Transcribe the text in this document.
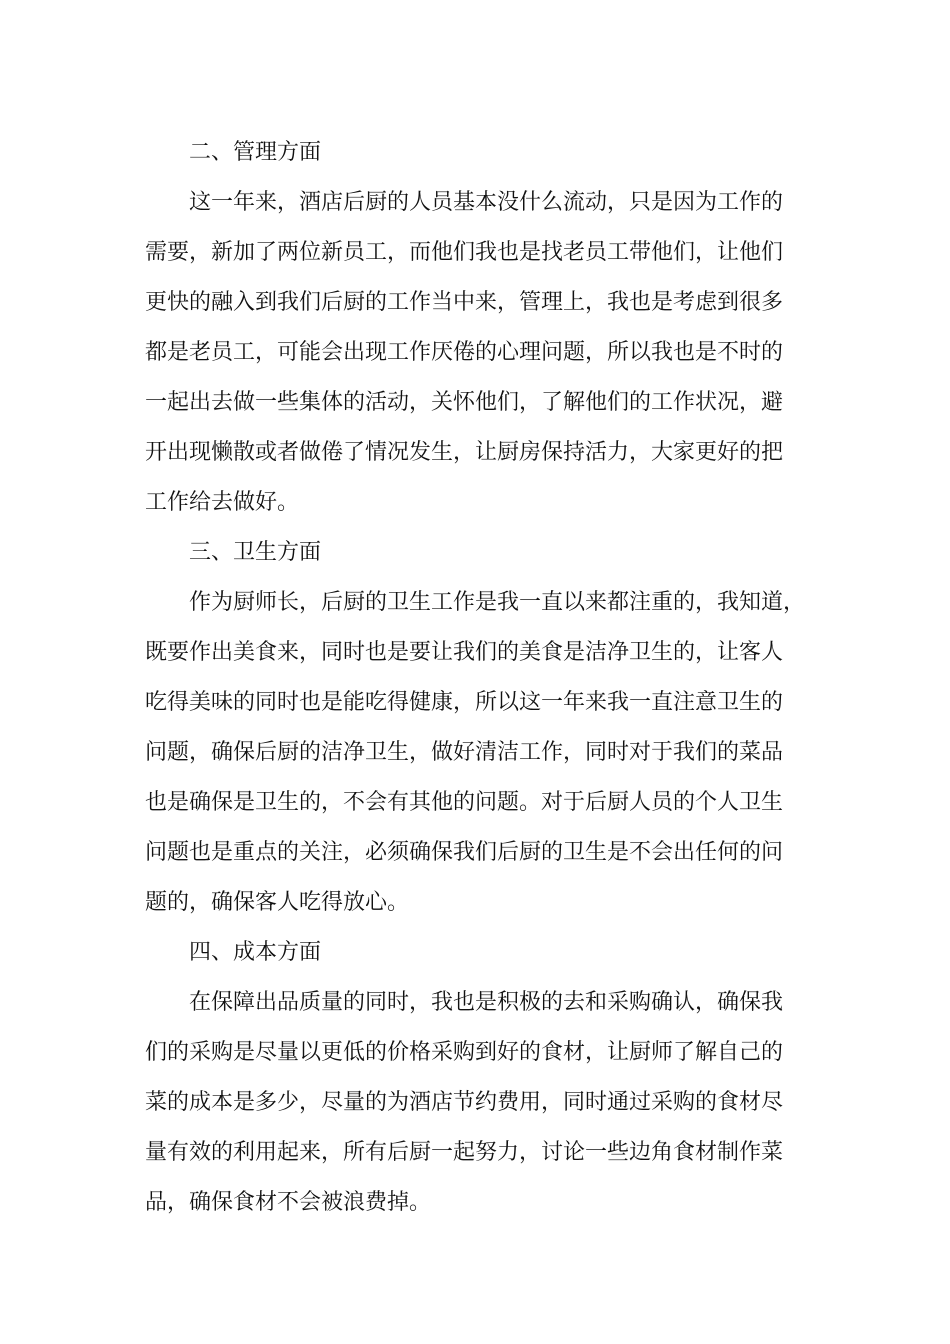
二、管理方面
这一年来，酒店后厨的人员基本没什么流动，只是因为工作的
需要，新加了两位新员工，而他们我也是找老员工带他们，让他们
更快的融入到我们后厨的工作当中来，管理上，我也是考虑到很多
都是老员工，可能会出现工作厌倦的心理问题，所以我也是不时的
一起出去做一些集体的活动，关怀他们，了解他们的工作状况，避
开出现懒散或者做倦了情况发生，让厨房保持活力，大家更好的把
工作给去做好。
三、卫生方面
作为厨师长，后厨的卫生工作是我一直以来都注重的，我知道，
既要作出美食来，同时也是要让我们的美食是洁净卫生的，让客人
吃得美味的同时也是能吃得健康，所以这一年来我一直注意卫生的
问题，确保后厨的洁净卫生，做好清洁工作，同时对于我们的菜品
也是确保是卫生的，不会有其他的问题。对于后厨人员的个人卫生
问题也是重点的关注，必须确保我们后厨的卫生是不会出任何的问
题的，确保客人吃得放心。
四、成本方面
在保障出品质量的同时，我也是积极的去和采购确认，确保我
们的采购是尽量以更低的价格采购到好的食材，让厨师了解自己的
菜的成本是多少，尽量的为酒店节约费用，同时通过采购的食材尽
量有效的利用起来，所有后厨一起努力，讨论一些边角食材制作菜
品，确保食材不会被浪费掉。
